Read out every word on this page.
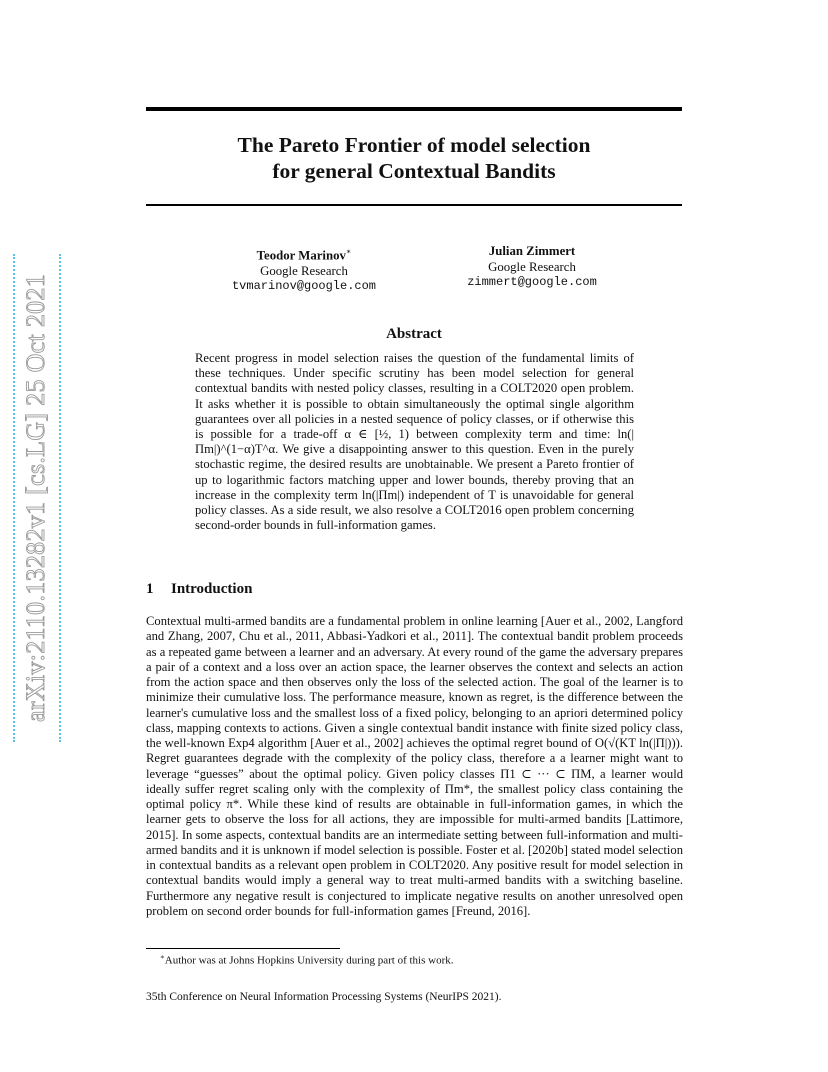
arXiv:2110.13282v1 [cs.LG] 25 Oct 2021
The Pareto Frontier of model selection
for general Contextual Bandits
Teodor Marinov∗
Google Research
tvmarinov@google.com
Julian Zimmert
Google Research
zimmert@google.com
Abstract
Recent progress in model selection raises the question of the fundamental limits of these techniques. Under specific scrutiny has been model selection for general contextual bandits with nested policy classes, resulting in a COLT2020 open problem. It asks whether it is possible to obtain simultaneously the optimal single algorithm guarantees over all policies in a nested sequence of policy classes, or if otherwise this is possible for a trade-off α ∈ [½, 1) between complexity term and time: ln(|Πm|)^(1−α)T^α. We give a disappointing answer to this question. Even in the purely stochastic regime, the desired results are unobtainable. We present a Pareto frontier of up to logarithmic factors matching upper and lower bounds, thereby proving that an increase in the complexity term ln(|Πm|) independent of T is unavoidable for general policy classes. As a side result, we also resolve a COLT2016 open problem concerning second-order bounds in full-information games.
1 Introduction
Contextual multi-armed bandits are a fundamental problem in online learning [Auer et al., 2002, Langford and Zhang, 2007, Chu et al., 2011, Abbasi-Yadkori et al., 2011]. The contextual bandit problem proceeds as a repeated game between a learner and an adversary. At every round of the game the adversary prepares a pair of a context and a loss over an action space, the learner observes the context and selects an action from the action space and then observes only the loss of the selected action. The goal of the learner is to minimize their cumulative loss. The performance measure, known as regret, is the difference between the learner's cumulative loss and the smallest loss of a fixed policy, belonging to an apriori determined policy class, mapping contexts to actions. Given a single contextual bandit instance with finite sized policy class, the well-known Exp4 algorithm [Auer et al., 2002] achieves the optimal regret bound of O(√(KT ln(|Π|))). Regret guarantees degrade with the complexity of the policy class, therefore a a learner might want to leverage “guesses” about the optimal policy. Given policy classes Π1 ⊂ ··· ⊂ ΠM, a learner would ideally suffer regret scaling only with the complexity of Πm*, the smallest policy class containing the optimal policy π*. While these kind of results are obtainable in full-information games, in which the learner gets to observe the loss for all actions, they are impossible for multi-armed bandits [Lattimore, 2015]. In some aspects, contextual bandits are an intermediate setting between full-information and multi-armed bandits and it is unknown if model selection is possible. Foster et al. [2020b] stated model selection in contextual bandits as a relevant open problem in COLT2020. Any positive result for model selection in contextual bandits would imply a general way to treat multi-armed bandits with a switching baseline. Furthermore any negative result is conjectured to implicate negative results on another unresolved open problem on second order bounds for full-information games [Freund, 2016].
∗Author was at Johns Hopkins University during part of this work.
35th Conference on Neural Information Processing Systems (NeurIPS 2021).
